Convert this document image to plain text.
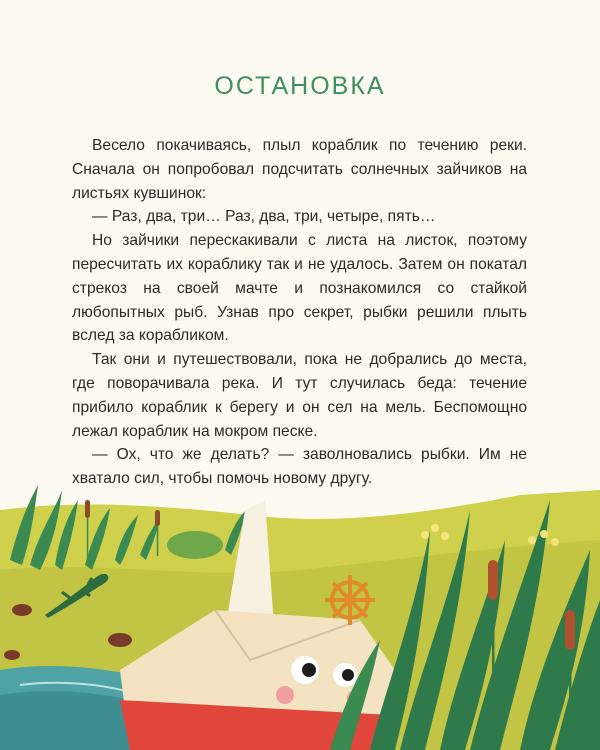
ОСТАНОВКА

Весело покачиваясь, плыл кораблик по течению реки. Сначала он попробовал подсчитать солнечных зайчиков на листьях кувшинок:

— Раз, два, три… Раз, два, три, четыре, пять…

Но зайчики перескакивали с листа на листок, поэтому пересчитать их кораблику так и не удалось. Затем он покатал стрекоз на своей мачте и познакомился со стайкой любопытных рыб. Узнав про секрет, рыбки решили плыть вслед за корабликом.

Так они и путешествовали, пока не добрались до места, где поворачивала река. И тут случилась беда: течение прибило кораблик к берегу и он сел на мель. Беспомощно лежал кораблик на мокром песке.

— Ох, что же делать? — заволновались рыбки. Им не хватало сил, чтобы помочь новому другу.
